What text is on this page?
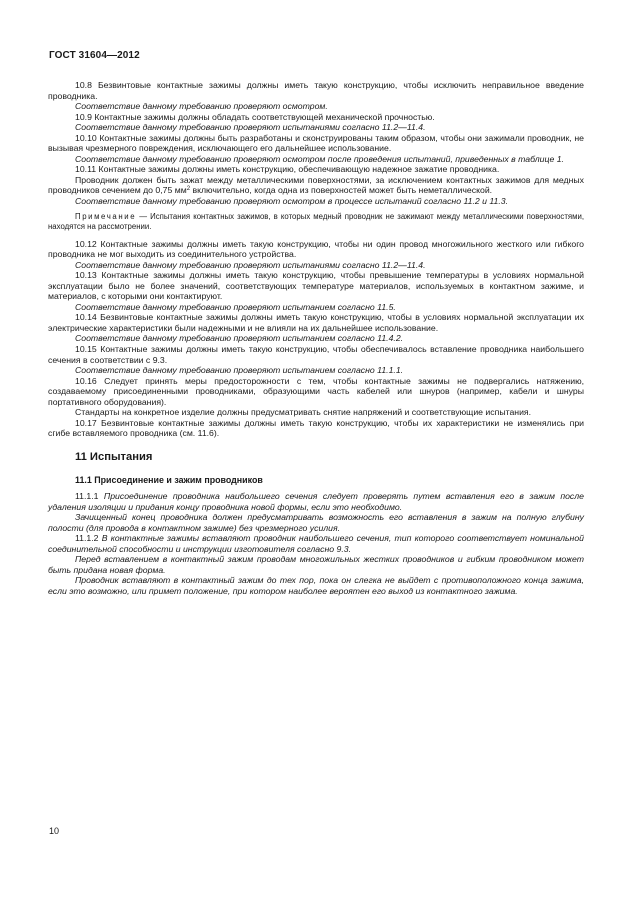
ГОСТ 31604—2012

10.8 Безвинтовые контактные зажимы должны иметь такую конструкцию, чтобы исключить неправильное введение проводника.

Соответствие данному требованию проверяют осмотром.

10.9 Контактные зажимы должны обладать соответствующей механической прочностью.

Соответствие данному требованию проверяют испытаниями согласно 11.2—11.4.

10.10 Контактные зажимы должны быть разработаны и сконструированы таким образом, чтобы они зажимали проводник, не вызывая чрезмерного повреждения, исключающего его дальнейшее использование.

Соответствие данному требованию проверяют осмотром после проведения испытаний, приведенных в таблице 1.

10.11 Контактные зажимы должны иметь конструкцию, обеспечивающую надежное зажатие проводника.

Проводник должен быть зажат между металлическими поверхностями, за исключением контактных зажимов для медных проводников сечением до 0,75 $мм^2$ включительно, когда одна из поверхностей может быть неметаллической.

Соответствие данному требованию проверяют осмотром в процессе испытаний согласно 11.2 и 11.3.

Примечание — Испытания контактных зажимов, в которых медный проводник не зажимают между металлическими поверхностями, находятся на рассмотрении.

10.12 Контактные зажимы должны иметь такую конструкцию, чтобы ни один провод многожильного жесткого или гибкого проводника не мог выходить из соединительного устройства.

Соответствие данному требованию проверяют испытаниями согласно 11.2—11.4.

10.13 Контактные зажимы должны иметь такую конструкцию, чтобы превышение температуры в условиях нормальной эксплуатации было не более значений, соответствующих температуре материалов, используемых в контактном зажиме, и материалов, с которыми они контактируют.

Соответствие данному требованию проверяют испытанием согласно 11.5.

10.14 Безвинтовые контактные зажимы должны иметь такую конструкцию, чтобы в условиях нормальной эксплуатации их электрические характеристики были надежными и не влияли на их дальнейшее использование.

Соответствие данному требованию проверяют испытанием согласно 11.4.2.

10.15 Контактные зажимы должны иметь такую конструкцию, чтобы обеспечивалось вставление проводника наибольшего сечения в соответствии с 9.3.

Соответствие данному требованию проверяют испытанием согласно 11.1.1.

10.16 Следует принять меры предосторожности с тем, чтобы контактные зажимы не подвергались натяжению, создаваемому присоединенными проводниками, образующими часть кабелей или шнуров (например, кабели и шнуры портативного оборудования).

Стандарты на конкретное изделие должны предусматривать снятие напряжений и соответствующие испытания.

10.17 Безвинтовые контактные зажимы должны иметь такую конструкцию, чтобы их характеристики не изменялись при сгибе вставляемого проводника (см. 11.6).

11 Испытания
11.1 Присоединение и зажим проводников

11.1.1 Присоединение проводника наибольшего сечения следует проверять путем вставления его в зажим после удаления изоляции и придания концу проводника новой формы, если это необходимо.

Зачищенный конец проводника должен предусматривать возможность его вставления в зажим на полную глубину полости (для провода в контактном зажиме) без чрезмерного усилия.

11.1.2 В контактные зажимы вставляют проводник наибольшего сечения, тип которого соответствует номинальной соединительной способности и инструкции изготовителя согласно 9.3.

Перед вставлением в контактный зажим проводам многожильных жестких проводников и гибким проводником может быть придана новая форма.

Проводник вставляют в контактный зажим до тех пор, пока он слегка не выйдет с противоположного конца зажима, если это возможно, или примет положение, при котором наиболее вероятен его выход из контактного зажима.

10
